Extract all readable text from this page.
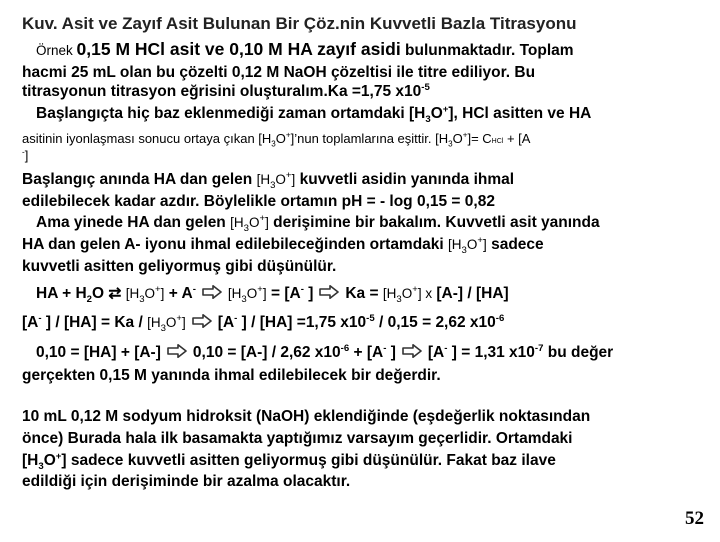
Kuv. Asit ve Zayıf Asit Bulunan Bir Çöz.nin Kuvvetli Bazla Titrasyonu
Örnek 0,15 M HCl asit ve 0,10 M HA zayıf asidi bulunmaktadır. Toplam
hacmi 25 mL olan bu çözelti 0,12 M NaOH çözeltisi ile titre ediliyor. Bu
titrasyonun titrasyon eğrisini oluşturalım.Ka =1,75 $x10^{-5}$
Başlangıçta hiç baz eklenmediği zaman ortamdaki $[H_3O^+]$, HCl asitten ve HA
asitinin iyonlaşması sonucu ortaya çıkan $[H_3O^+]’nun$ toplamlarına eşittir. $[H_3O^+]=$ CHCl + [A
-]
Başlangıç anında HA dan gelen $[H_3O^+]$ kuvvetli asidin yanında ihmal
edilebilecek kadar azdır. Böylelikle ortamın pH = - log 0,15 = 0,82
Ama yinede HA dan gelen $[H_3O^+]$ derişimine bir bakalım. Kuvvetli asit yanında
HA dan gelen A- iyonu ihmal edilebileceğinden ortamdaki $[H_3O^+]$ sadece
kuvvetli asitten geliyormuş gibi düşünülür.
HA + $H_2O$ ⇄ $[H_3O^+] + A^-$ $[H_3O^+] = [A^-$ ] $Ka = [H_3O^+]$ x [A-] / [HA]
[A- ] / $[HA] = Ka / [H_3O^+]$ [A- ] / [HA] =1,75 $x10^{-5} / 0,15 = 2,62$ $x10^{-6}$
0,10 = [HA] + [A-] 0,10 = [A-] / 2,62 $x10^{-6} + [A^-$ ] [A- ] = 1,31 $x10^{-7}$ bu değer
gerçekten 0,15 M yanında ihmal edilebilecek bir değerdir.
10 mL 0,12 M sodyum hidroksit (NaOH) eklendiğinde (eşdeğerlik noktasından
önce) Burada hala ilk basamakta yaptığımız varsayım geçerlidir. Ortamdaki
$[H_3O^+]$ sadece kuvvetli asitten geliyormuş gibi düşünülür. Fakat baz ilave
edildiği için derişiminde bir azalma olacaktır.
52
